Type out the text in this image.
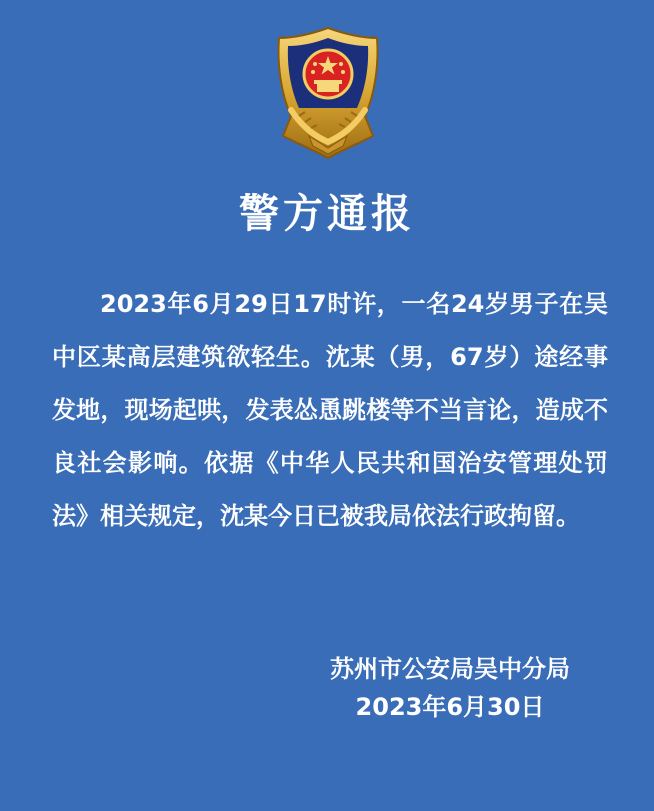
警方通报

2023年6月29日17时许，一名24岁男子在吴中区某高层建筑欲轻生。沈某（男，67岁）途经事发地，现场起哄，发表怂恿跳楼等不当言论，造成不良社会影响。依据《中华人民共和国治安管理处罚法》相关规定，沈某今日已被我局依法行政拘留。

苏州市公安局吴中分局
2023年6月30日
